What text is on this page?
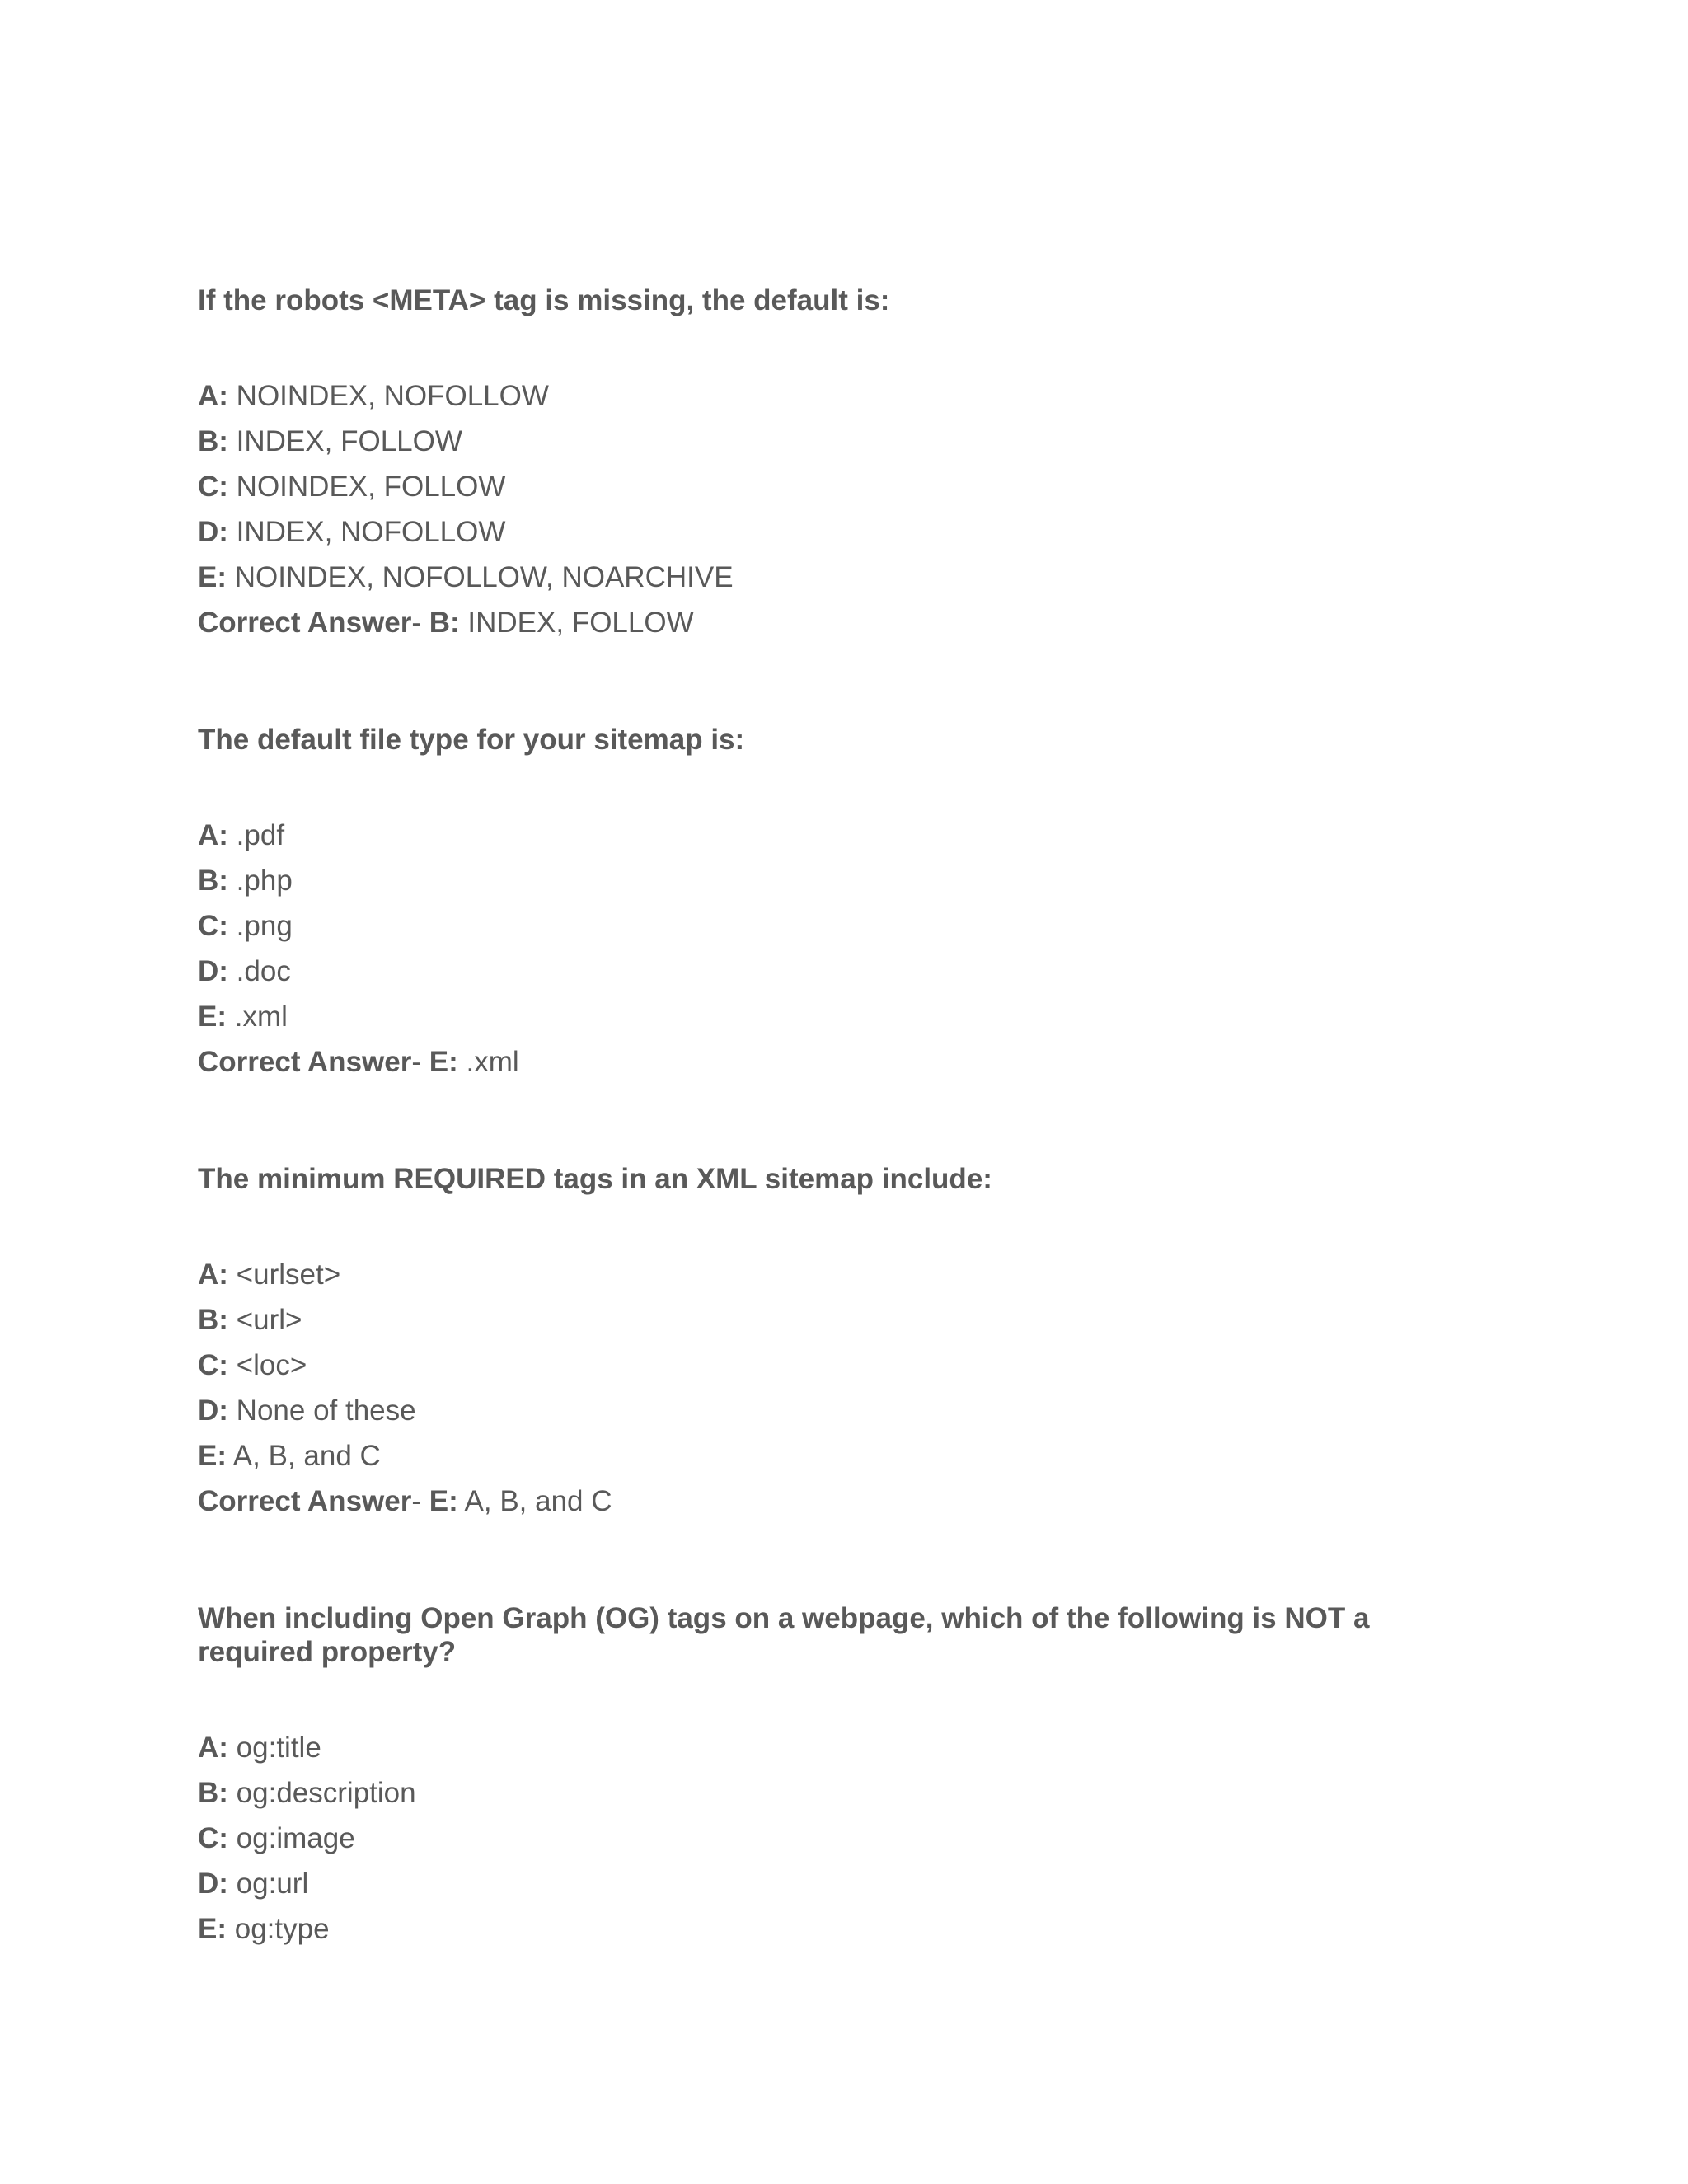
If the robots <META> tag is missing, the default is:

A: NOINDEX, NOFOLLOW
B: INDEX, FOLLOW
C: NOINDEX, FOLLOW
D: INDEX, NOFOLLOW
E: NOINDEX, NOFOLLOW, NOARCHIVE
Correct Answer- B: INDEX, FOLLOW

The default file type for your sitemap is:

A: .pdf
B: .php
C: .png
D: .doc
E: .xml
Correct Answer- E: .xml

The minimum REQUIRED tags in an XML sitemap include:

A: <urlset>
B: <url>
C: <loc>
D: None of these
E: A, B, and C
Correct Answer- E: A, B, and C

When including Open Graph (OG) tags on a webpage, which of the following is NOT a required property?

A: og:title
B: og:description
C: og:image
D: og:url
E: og:type
